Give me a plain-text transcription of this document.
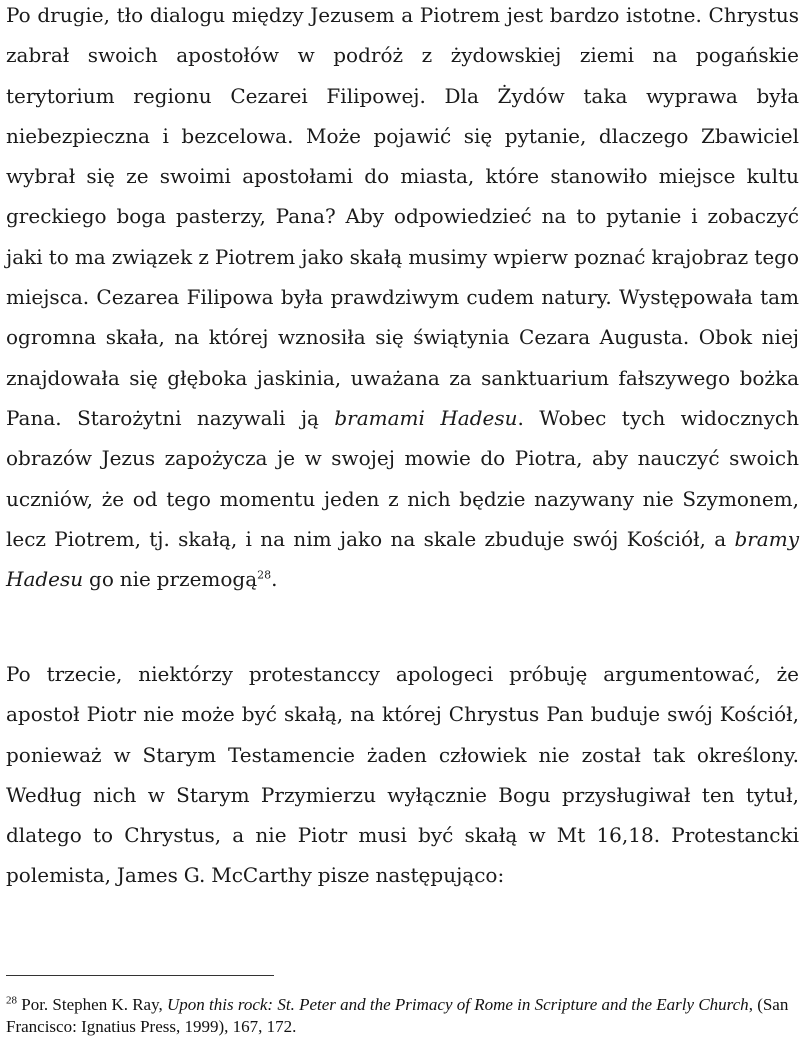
Po drugie, tło dialogu między Jezusem a Piotrem jest bardzo istotne. Chrystus zabrał swoich apostołów w podróż z żydowskiej ziemi na pogańskie terytorium regionu Cezarei Filipowej. Dla Żydów taka wyprawa była niebezpieczna i bezcelowa. Może pojawić się pytanie, dlaczego Zbawiciel wybrał się ze swoimi apostołami do miasta, które stanowiło miejsce kultu greckiego boga pasterzy, Pana? Aby odpowiedzieć na to pytanie i zobaczyć jaki to ma związek z Piotrem jako skałą musimy wpierw poznać krajobraz tego miejsca. Cezarea Filipowa była prawdziwym cudem natury. Występowała tam ogromna skała, na której wznosiła się świątynia Cezara Augusta. Obok niej znajdowała się głęboka jaskinia, uważana za sanktuarium fałszywego bożka Pana. Starożytni nazywali ją bramami Hadesu. Wobec tych widocznych obrazów Jezus zapożycza je w swojej mowie do Piotra, aby nauczyć swoich uczniów, że od tego momentu jeden z nich będzie nazywany nie Szymonem, lecz Piotrem, tj. skałą, i na nim jako na skale zbuduje swój Kościół, a bramy Hadesu go nie przemogą$^{28}$.

Po trzecie, niektórzy protestanccy apologeci próbuję argumentować, że apostoł Piotr nie może być skałą, na której Chrystus Pan buduje swój Kościół, ponieważ w Starym Testamencie żaden człowiek nie został tak określony. Według nich w Starym Przymierzu wyłącznie Bogu przysługiwał ten tytuł, dlatego to Chrystus, a nie Piotr musi być skałą w Mt 16,18. Protestancki polemista, James G. McCarthy pisze następująco:

$^{28}$ Por. Stephen K. Ray, Upon this rock: St. Peter and the Primacy of Rome in Scripture and the Early Church, (San Francisco: Ignatius Press, 1999), 167, 172.
